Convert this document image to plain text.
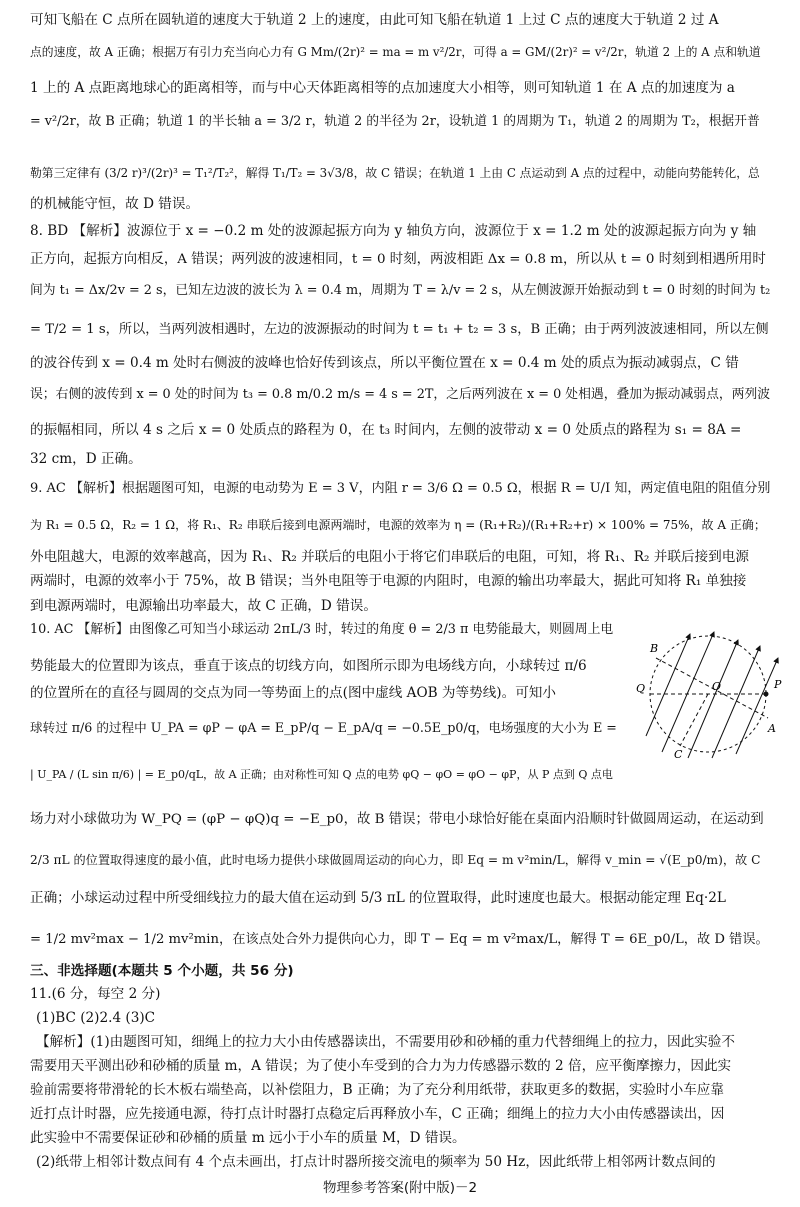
可知飞船在 C 点所在圆轨道的速度大于轨道 2 上的速度，由此可知飞船在轨道 1 上过 C 点的速度大于轨道 2 过 A
点的速度，故 A 正确；根据万有引力充当向心力有 G Mm/(2r)² = ma = m v²/2r，可得 a = GM/(2r)² = v²/2r，轨道 2 上的 A 点和轨道
1 上的 A 点距离地球心的距离相等，而与中心天体距离相等的点加速度大小相等，则可知轨道 1 在 A 点的加速度为 a
= v²/2r，故 B 正确；轨道 1 的半长轴 a = 3/2 r，轨道 2 的半径为 2r，设轨道 1 的周期为 T₁，轨道 2 的周期为 T₂，根据开普
勒第三定律有 (3/2 r)³/(2r)³ = T₁²/T₂²，解得 T₁/T₂ = 3√3/8，故 C 错误；在轨道 1 上由 C 点运动到 A 点的过程中，动能向势能转化，总
的机械能守恒，故 D 错误。
8. BD 【解析】波源位于 x = −0.2 m 处的波源起振方向为 y 轴负方向，波源位于 x = 1.2 m 处的波源起振方向为 y 轴
正方向，起振方向相反，A 错误；两列波的波速相同，t = 0 时刻，两波相距 Δx = 0.8 m，所以从 t = 0 时刻到相遇所用时
间为 t₁ = Δx/2v = 2 s，已知左边波的波长为 λ = 0.4 m，周期为 T = λ/v = 2 s，从左侧波源开始振动到 t = 0 时刻的时间为 t₂
= T/2 = 1 s，所以，当两列波相遇时，左边的波源振动的时间为 t = t₁ + t₂ = 3 s，B 正确；由于两列波波速相同，所以左侧
的波谷传到 x = 0.4 m 处时右侧波的波峰也恰好传到该点，所以平衡位置在 x = 0.4 m 处的质点为振动减弱点，C 错
误；右侧的波传到 x = 0 处的时间为 t₃ = 0.8 m/0.2 m/s = 4 s = 2T，之后两列波在 x = 0 处相遇，叠加为振动减弱点，两列波
的振幅相同，所以 4 s 之后 x = 0 处质点的路程为 0，在 t₃ 时间内，左侧的波带动 x = 0 处质点的路程为 s₁ = 8A =
32 cm，D 正确。
9. AC 【解析】根据题图可知，电源的电动势为 E = 3 V，内阻 r = 3/6 Ω = 0.5 Ω，根据 R = U/I 知，两定值电阻的阻值分别
为 R₁ = 0.5 Ω，R₂ = 1 Ω，将 R₁、R₂ 串联后接到电源两端时，电源的效率为 η = (R₁+R₂)/(R₁+R₂+r) × 100% = 75%，故 A 正确；
外电阻越大，电源的效率越高，因为 R₁、R₂ 并联后的电阻小于将它们串联后的电阻，可知，将 R₁、R₂ 并联后接到电源
两端时，电源的效率小于 75%，故 B 错误；当外电阻等于电源的内阻时，电源的输出功率最大，据此可知将 R₁ 单独接
到电源两端时，电源输出功率最大，故 C 正确，D 错误。
10. AC 【解析】由图像乙可知当小球运动 2πL/3 时，转过的角度 θ = 2/3 π 电势能最大，则圆周上电
势能最大的位置即为该点，垂直于该点的切线方向，如图所示即为电场线方向，小球转过 π/6
的位置所在的直径与圆周的交点为同一等势面上的点(图中虚线 AOB 为等势线)。可知小
球转过 π/6 的过程中 U_PA = φP − φA = E_pP/q − E_pA/q = −0.5E_p0/q，电场强度的大小为 E =
| U_PA / (L sin π/6) | = E_p0/qL，故 A 正确；由对称性可知 Q 点的电势 φQ − φO = φO − φP，从 P 点到 Q 点电
场力对小球做功为 W_PQ = (φP − φQ)q = −E_p0，故 B 错误；带电小球恰好能在桌面内沿顺时针做圆周运动，在运动到
2/3 πL 的位置取得速度的最小值，此时电场力提供小球做圆周运动的向心力，即 Eq = m v²min/L，解得 v_min = √(E_p0/m)，故 C
正确；小球运动过程中所受细线拉力的最大值在运动到 5/3 πL 的位置取得，此时速度也最大。根据动能定理 Eq·2L
= 1/2 mv²max − 1/2 mv²min，在该点处合外力提供向心力，即 T − Eq = m v²max/L，解得 T = 6E_p0/L，故 D 错误。
三、非选择题(本题共 5 个小题，共 56 分)
11.(6 分，每空 2 分)
(1)BC (2)2.4 (3)C
【解析】(1)由题图可知，细绳上的拉力大小由传感器读出，不需要用砂和砂桶的重力代替细绳上的拉力，因此实验不
需要用天平测出砂和砂桶的质量 m，A 错误；为了使小车受到的合力为力传感器示数的 2 倍，应平衡摩擦力，因此实
验前需要将带滑轮的长木板右端垫高，以补偿阻力，B 正确；为了充分利用纸带，获取更多的数据，实验时小车应靠
近打点计时器，应先接通电源，待打点计时器打点稳定后再释放小车，C 正确；细绳上的拉力大小由传感器读出，因
此实验中不需要保证砂和砂桶的质量 m 远小于小车的质量 M，D 错误。
(2)纸带上相邻计数点间有 4 个点未画出，打点计时器所接交流电的频率为 50 Hz，因此纸带上相邻两计数点间的
B
Q	O	P
A
C
物理参考答案(附中版)－2
